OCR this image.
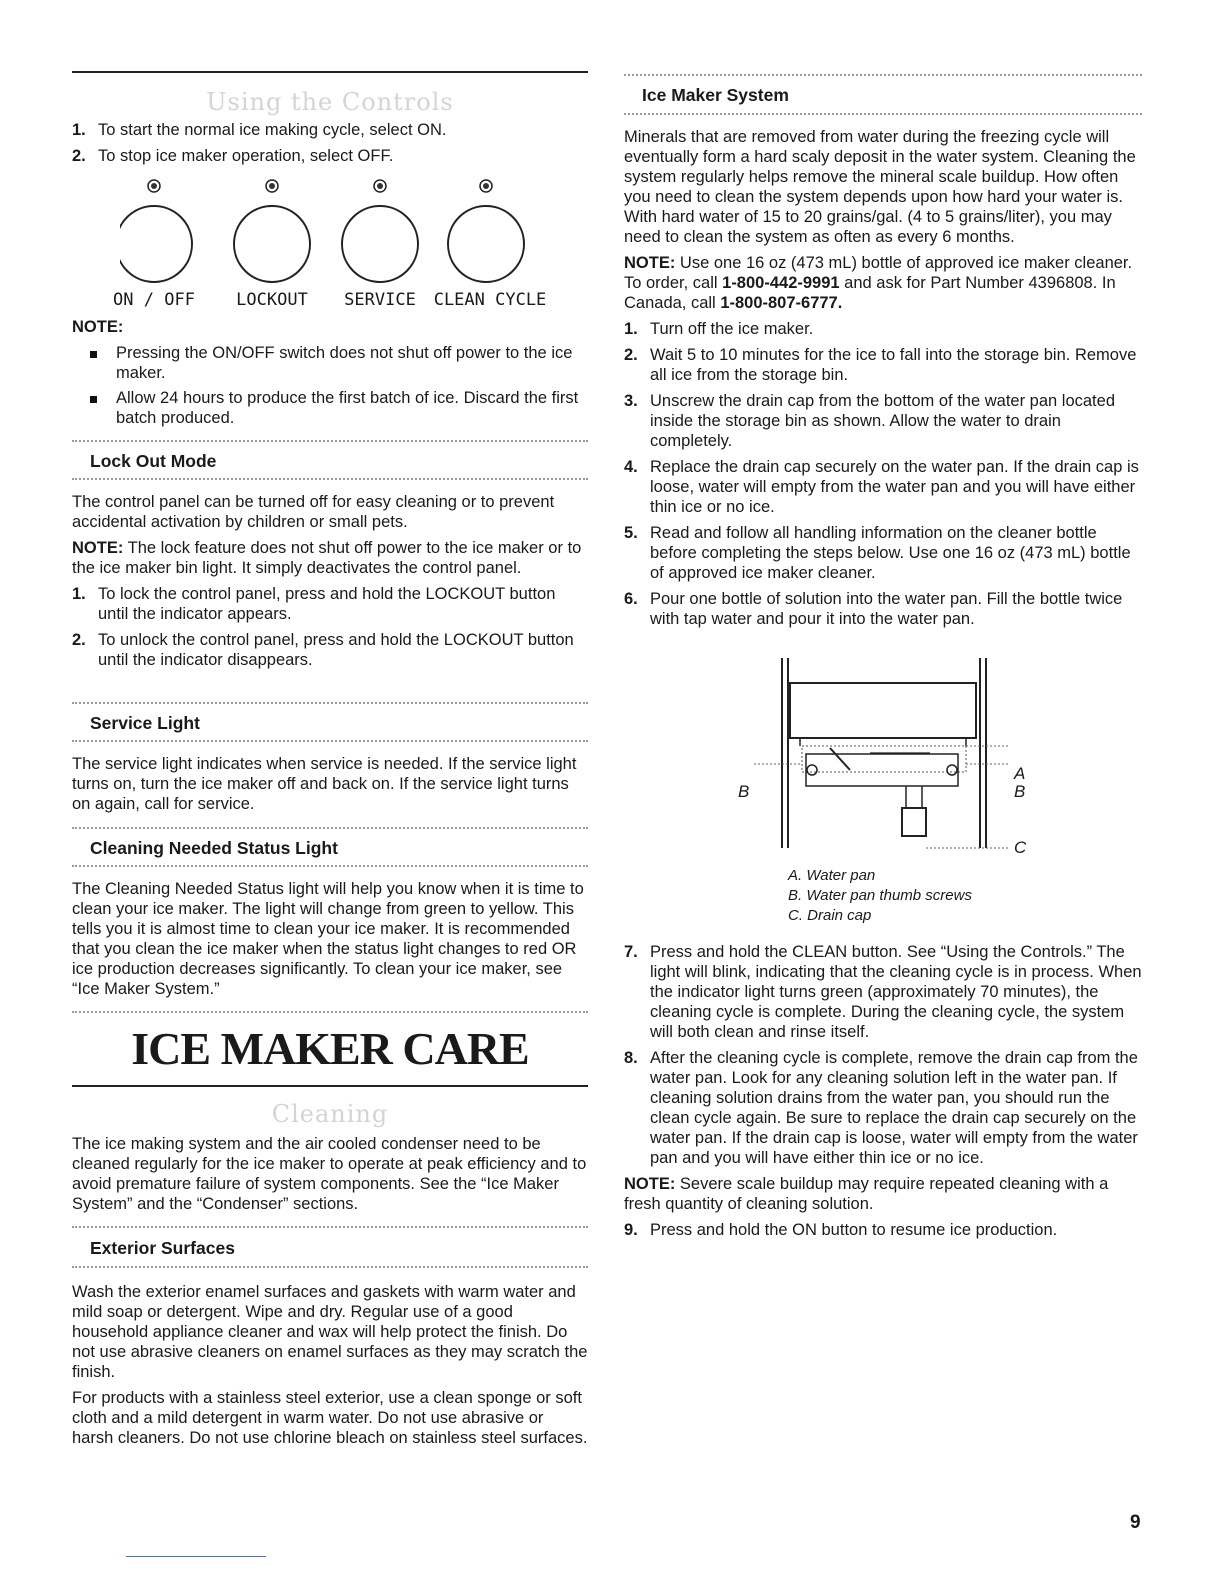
Using the Controls
1. To start the normal ice making cycle, select ON.
2. To stop ice maker operation, select OFF.
ON / OFF	LOCKOUT	SERVICE	CLEAN CYCLE

NOTE:

Pressing the ON/OFF switch does not shut off power to the ice maker.
Allow 24 hours to produce the first batch of ice. Discard the first batch produced.
Lock Out Mode

The control panel can be turned off for easy cleaning or to prevent accidental activation by children or small pets.

NOTE: The lock feature does not shut off power to the ice maker or to the ice maker bin light. It simply deactivates the control panel.

1. To lock the control panel, press and hold the LOCKOUT button until the indicator appears.
2. To unlock the control panel, press and hold the LOCKOUT button until the indicator disappears.
Service Light

The service light indicates when service is needed. If the service light turns on, turn the ice maker off and back on. If the service light turns on again, call for service.

Cleaning Needed Status Light

The Cleaning Needed Status light will help you know when it is time to clean your ice maker. The light will change from green to yellow. This tells you it is almost time to clean your ice maker. It is recommended that you clean the ice maker when the status light changes to red OR ice production decreases significantly. To clean your ice maker, see “Ice Maker System.”

ICE MAKER CARE
Cleaning

The ice making system and the air cooled condenser need to be cleaned regularly for the ice maker to operate at peak efficiency and to avoid premature failure of system components. See the “Ice Maker System” and the “Condenser” sections.

Exterior Surfaces

Wash the exterior enamel surfaces and gaskets with warm water and mild soap or detergent. Wipe and dry. Regular use of a good household appliance cleaner and wax will help protect the finish. Do not use abrasive cleaners on enamel surfaces as they may scratch the finish.

For products with a stainless steel exterior, use a clean sponge or soft cloth and a mild detergent in warm water. Do not use abrasive or harsh cleaners. Do not use chlorine bleach on stainless steel surfaces.

Ice Maker System

Minerals that are removed from water during the freezing cycle will eventually form a hard scaly deposit in the water system. Cleaning the system regularly helps remove the mineral scale buildup. How often you need to clean the system depends upon how hard your water is. With hard water of 15 to 20 grains/gal. (4 to 5 grains/liter), you may need to clean the system as often as every 6 months.

NOTE: Use one 16 oz (473 mL) bottle of approved ice maker cleaner. To order, call 1-800-442-9991 and ask for Part Number 4396808. In Canada, call 1-800-807-6777.

1. Turn off the ice maker.
2. Wait 5 to 10 minutes for the ice to fall into the storage bin. Remove all ice from the storage bin.
3. Unscrew the drain cap from the bottom of the water pan located inside the storage bin as shown. Allow the water to drain completely.
4. Replace the drain cap securely on the water pan. If the drain cap is loose, water will empty from the water pan and you will have either thin ice or no ice.
5. Read and follow all handling information on the cleaner bottle before completing the steps below. Use one 16 oz (473 mL) bottle of approved ice maker cleaner.
6. Pour one bottle of solution into the water pan. Fill the bottle twice with tap water and pour it into the water pan.
A
B	B
C
A. Water pan
B. Water pan thumb screws
C. Drain cap
7. Press and hold the CLEAN button. See “Using the Controls.” The light will blink, indicating that the cleaning cycle is in process. When the indicator light turns green (approximately 70 minutes), the cleaning cycle is complete. During the cleaning cycle, the system will both clean and rinse itself.
8. After the cleaning cycle is complete, remove the drain cap from the water pan. Look for any cleaning solution left in the water pan. If cleaning solution drains from the water pan, you should run the clean cycle again. Be sure to replace the drain cap securely on the water pan. If the drain cap is loose, water will empty from the water pan and you will have either thin ice or no ice.

NOTE: Severe scale buildup may require repeated cleaning with a fresh quantity of cleaning solution.

9. Press and hold the ON button to resume ice production.
9
